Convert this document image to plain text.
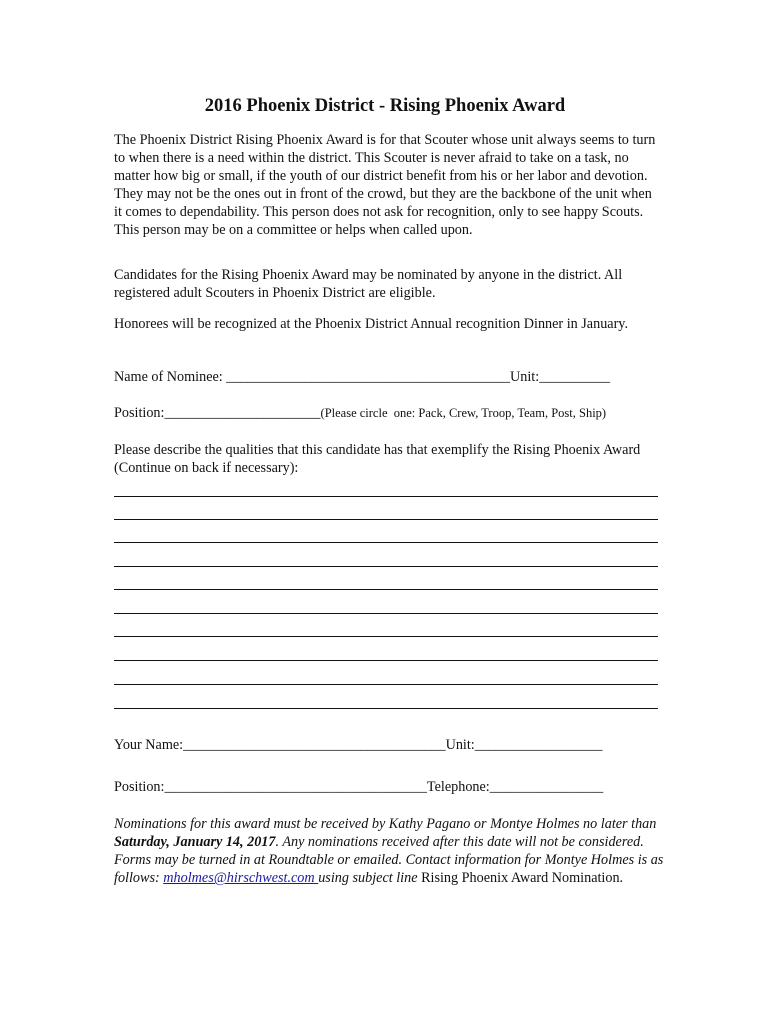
2016 Phoenix District - Rising Phoenix Award
The Phoenix District Rising Phoenix Award is for that Scouter whose unit always seems to turn to when there is a need within the district. This Scouter is never afraid to take on a task, no matter how big or small, if the youth of our district benefit from his or her labor and devotion. They may not be the ones out in front of the crowd, but they are the backbone of the unit when it comes to dependability. This person does not ask for recognition, only to see happy Scouts. This person may be on a committee or helps when called upon.
Candidates for the Rising Phoenix Award may be nominated by anyone in the district. All registered adult Scouters in Phoenix District are eligible.
Honorees will be recognized at the Phoenix District Annual recognition Dinner in January.
Name of Nominee: ________________________________________Unit:__________
Position:______________________(Please circle  one: Pack, Crew, Troop, Team, Post, Ship)
Please describe the qualities that this candidate has that exemplify the Rising Phoenix Award (Continue on back if necessary):
Your Name:_____________________________________Unit:__________________
Position:_____________________________________Telephone:________________
Nominations for this award must be received by Kathy Pagano or Montye Holmes no later than Saturday, January 14, 2017. Any nominations received after this date will not be considered. Forms may be turned in at Roundtable or emailed. Contact information for Montye Holmes is as follows: mholmes@hirschwest.com using subject line Rising Phoenix Award Nomination.
